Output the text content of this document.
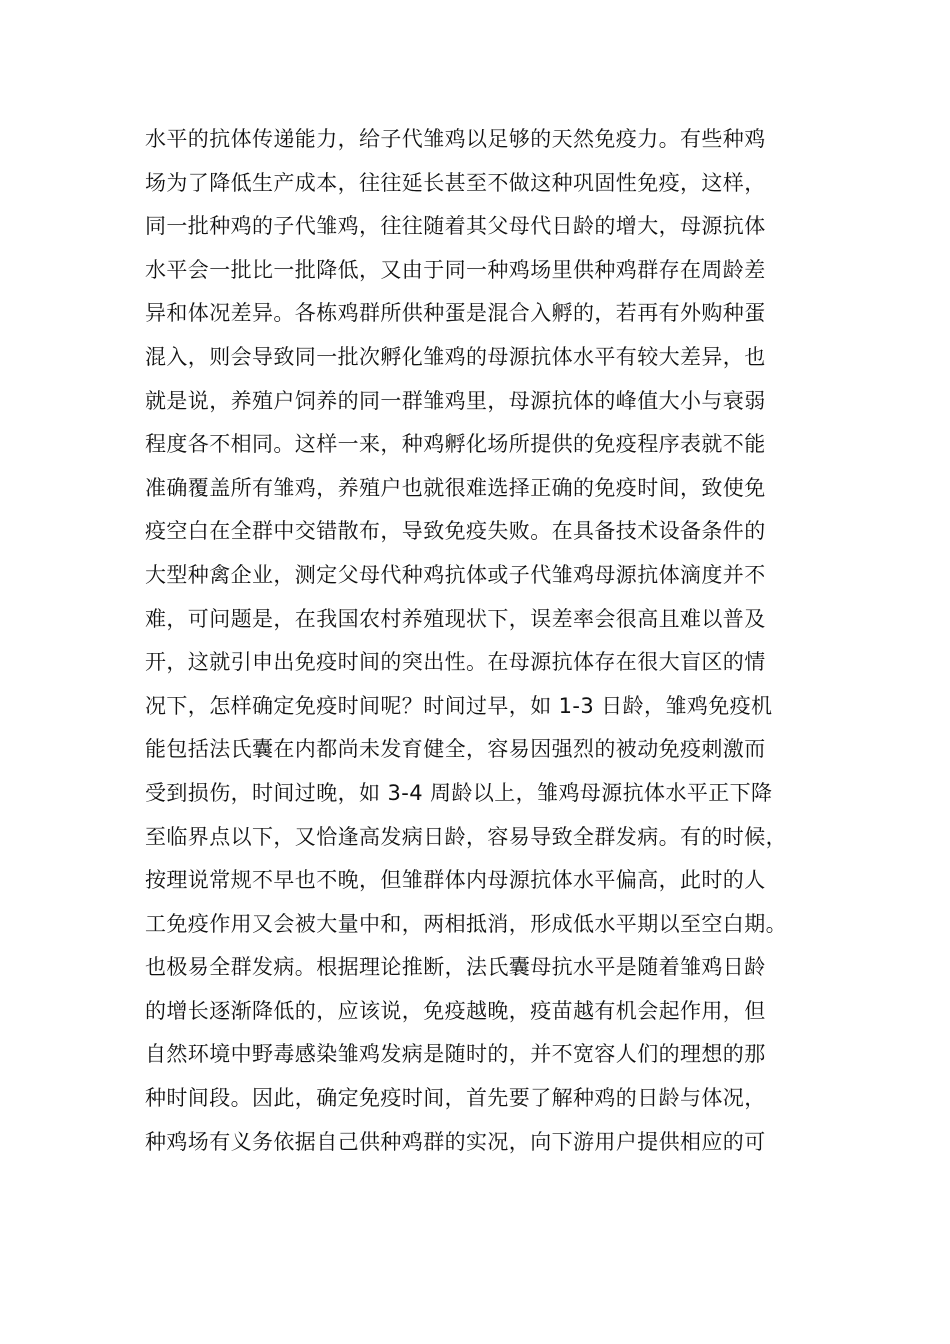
水平的抗体传递能力，给子代雏鸡以足够的天然免疫力。有些种鸡
场为了降低生产成本，往往延长甚至不做这种巩固性免疫，这样，
同一批种鸡的子代雏鸡，往往随着其父母代日龄的增大，母源抗体
水平会一批比一批降低，又由于同一种鸡场里供种鸡群存在周龄差
异和体况差异。各栋鸡群所供种蛋是混合入孵的，若再有外购种蛋
混入，则会导致同一批次孵化雏鸡的母源抗体水平有较大差异，也
就是说，养殖户饲养的同一群雏鸡里，母源抗体的峰值大小与衰弱
程度各不相同。这样一来，种鸡孵化场所提供的免疫程序表就不能
准确覆盖所有雏鸡，养殖户也就很难选择正确的免疫时间，致使免
疫空白在全群中交错散布，导致免疫失败。在具备技术设备条件的
大型种禽企业，测定父母代种鸡抗体或子代雏鸡母源抗体滴度并不
难，可问题是，在我国农村养殖现状下，误差率会很高且难以普及
开，这就引申出免疫时间的突出性。在母源抗体存在很大盲区的情
况下，怎样确定免疫时间呢？时间过早，如 1-3 日龄，雏鸡免疫机
能包括法氏囊在内都尚未发育健全，容易因强烈的被动免疫刺激而
受到损伤，时间过晚，如 3-4 周龄以上，雏鸡母源抗体水平正下降
至临界点以下，又恰逢高发病日龄，容易导致全群发病。有的时候，
按理说常规不早也不晚，但雏群体内母源抗体水平偏高，此时的人
工免疫作用又会被大量中和，两相抵消，形成低水平期以至空白期。
也极易全群发病。根据理论推断，法氏囊母抗水平是随着雏鸡日龄
的增长逐渐降低的，应该说，免疫越晚，疫苗越有机会起作用，但
自然环境中野毒感染雏鸡发病是随时的，并不宽容人们的理想的那
种时间段。因此，确定免疫时间，首先要了解种鸡的日龄与体况，
种鸡场有义务依据自己供种鸡群的实况，向下游用户提供相应的可
